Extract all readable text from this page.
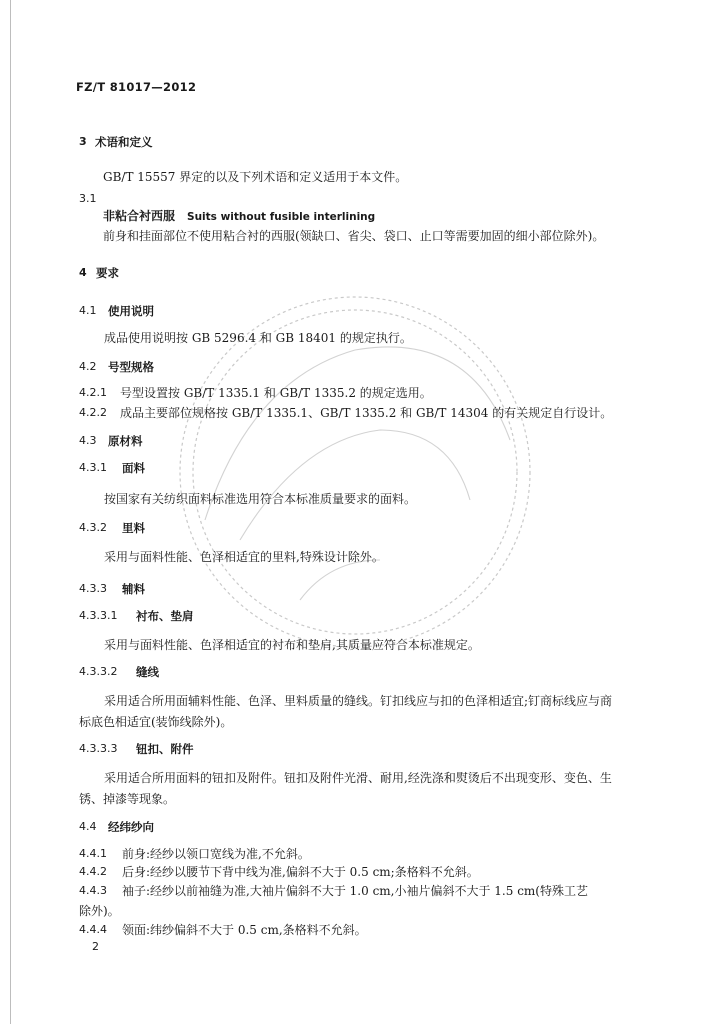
FZ/T 81017—2012
3 术语和定义
GB/T 15557 界定的以及下列术语和定义适用于本文件。
3.1
非粘合衬西服 Suits without fusible interlining
前身和挂面部位不使用粘合衬的西服(领缺口、省尖、袋口、止口等需要加固的细小部位除外)。
4 要求
4.1 使用说明
成品使用说明按 GB 5296.4 和 GB 18401 的规定执行。
4.2 号型规格
4.2.1 号型设置按 GB/T 1335.1 和 GB/T 1335.2 的规定选用。
4.2.2 成品主要部位规格按 GB/T 1335.1、GB/T 1335.2 和 GB/T 14304 的有关规定自行设计。
4.3 原材料
4.3.1 面料
按国家有关纺织面料标准选用符合本标准质量要求的面料。
4.3.2 里料
采用与面料性能、色泽相适宜的里料,特殊设计除外。
4.3.3 辅料
4.3.3.1 衬布、垫肩
采用与面料性能、色泽相适宜的衬布和垫肩,其质量应符合本标准规定。
4.3.3.2 缝线
采用适合所用面辅料性能、色泽、里料质量的缝线。钉扣线应与扣的色泽相适宜;钉商标线应与商
标底色相适宜(装饰线除外)。
4.3.3.3 钮扣、附件
采用适合所用面料的钮扣及附件。钮扣及附件光滑、耐用,经洗涤和熨烫后不出现变形、变色、生
锈、掉漆等现象。
4.4 经纬纱向
4.4.1 前身:经纱以领口宽线为准,不允斜。
4.4.2 后身:经纱以腰节下背中线为准,偏斜不大于 0.5 cm;条格料不允斜。
4.4.3 袖子:经纱以前袖缝为准,大袖片偏斜不大于 1.0 cm,小袖片偏斜不大于 1.5 cm(特殊工艺
除外)。
4.4.4 领面:纬纱偏斜不大于 0.5 cm,条格料不允斜。
2
